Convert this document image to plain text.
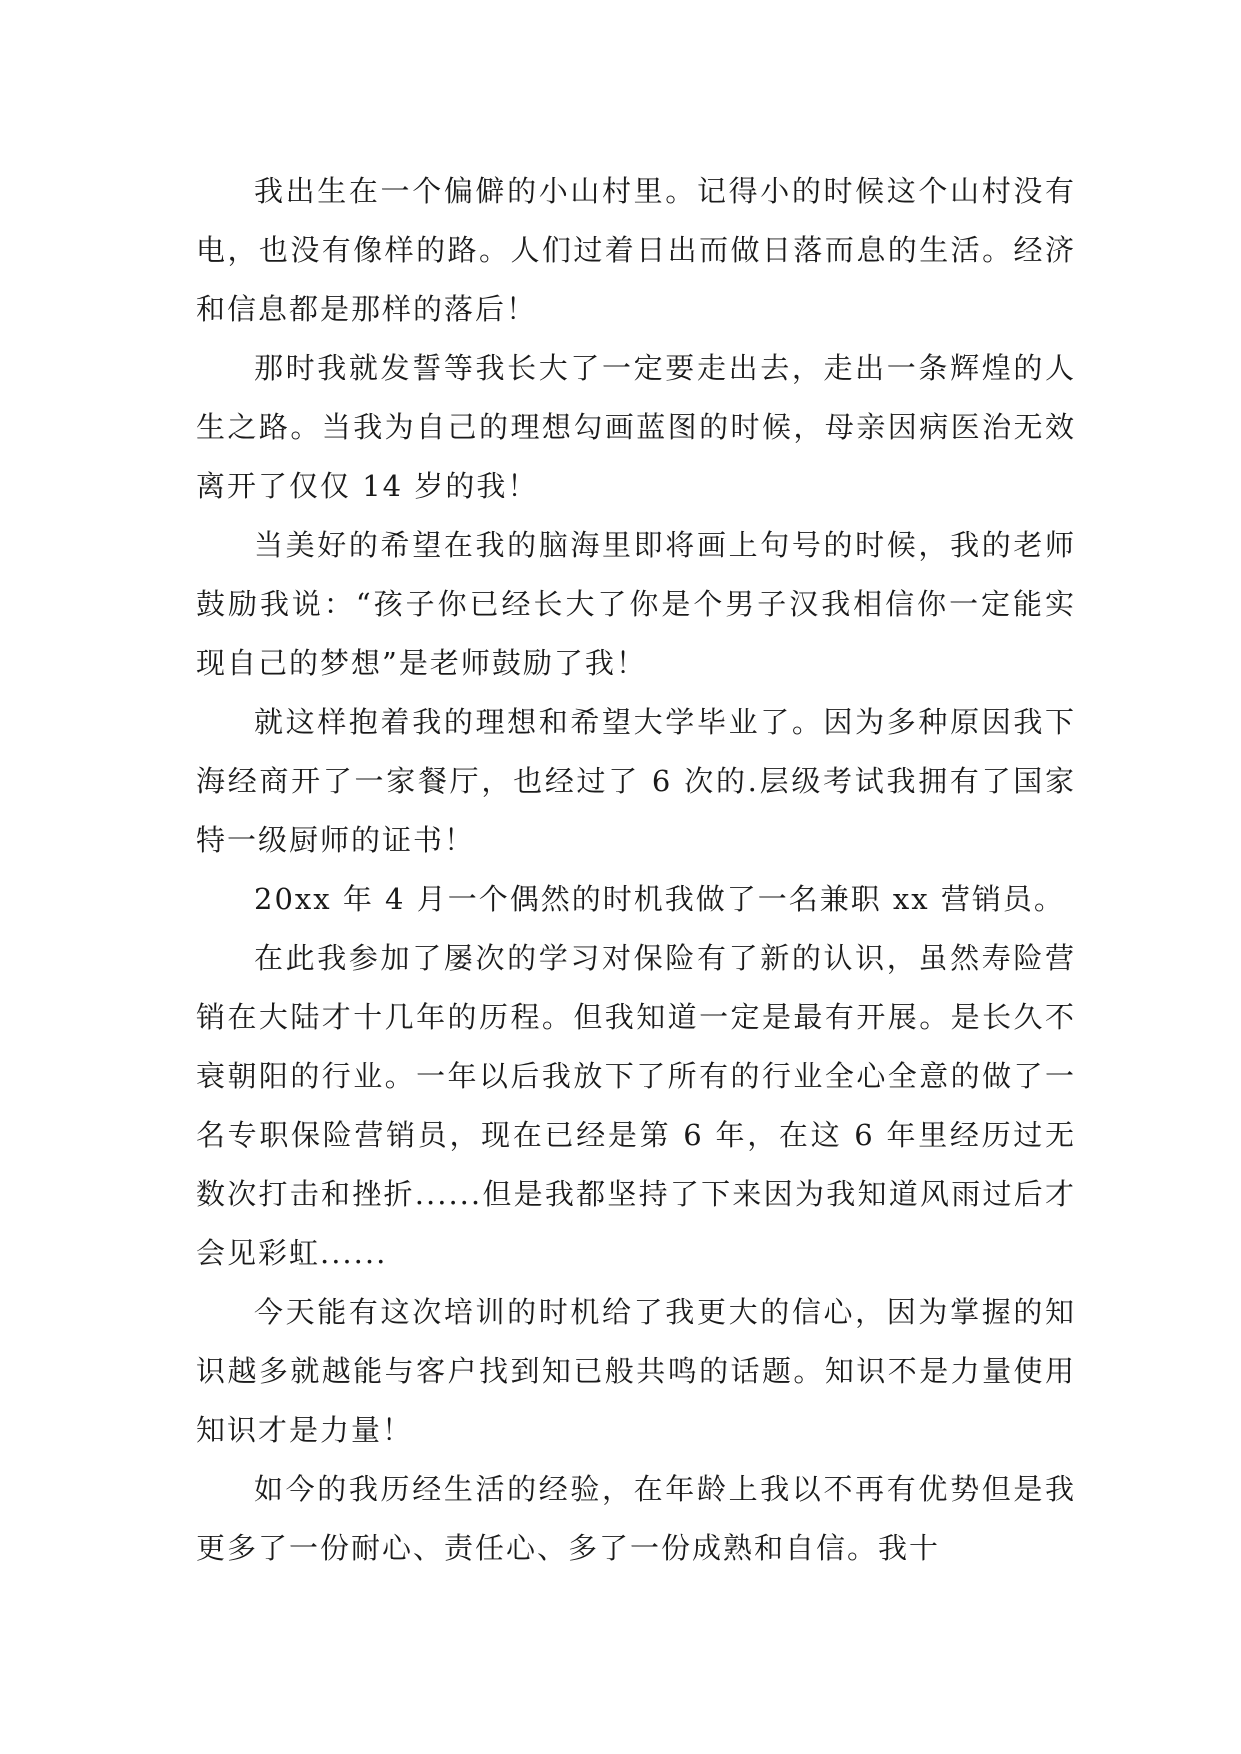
我出生在一个偏僻的小山村里。记得小的时候这个山村没有电，也没有像样的路。人们过着日出而做日落而息的生活。经济和信息都是那样的落后！

那时我就发誓等我长大了一定要走出去，走出一条辉煌的人生之路。当我为自己的理想勾画蓝图的时候，母亲因病医治无效离开了仅仅 14 岁的我！

当美好的希望在我的脑海里即将画上句号的时候，我的老师鼓励我说：“孩子你已经长大了你是个男子汉我相信你一定能实现自己的梦想”是老师鼓励了我！

就这样抱着我的理想和希望大学毕业了。因为多种原因我下海经商开了一家餐厅，也经过了 6 次的.层级考试我拥有了国家特一级厨师的证书！

20xx 年 4 月一个偶然的时机我做了一名兼职 xx 营销员。

在此我参加了屡次的学习对保险有了新的认识，虽然寿险营销在大陆才十几年的历程。但我知道一定是最有开展。是长久不衰朝阳的行业。一年以后我放下了所有的行业全心全意的做了一名专职保险营销员，现在已经是第 6 年，在这 6 年里经历过无数次打击和挫折......但是我都坚持了下来因为我知道风雨过后才会见彩虹......

今天能有这次培训的时机给了我更大的信心，因为掌握的知识越多就越能与客户找到知已般共鸣的话题。知识不是力量使用知识才是力量！

如今的我历经生活的经验，在年龄上我以不再有优势但是我更多了一份耐心、责任心、多了一份成熟和自信。我十
